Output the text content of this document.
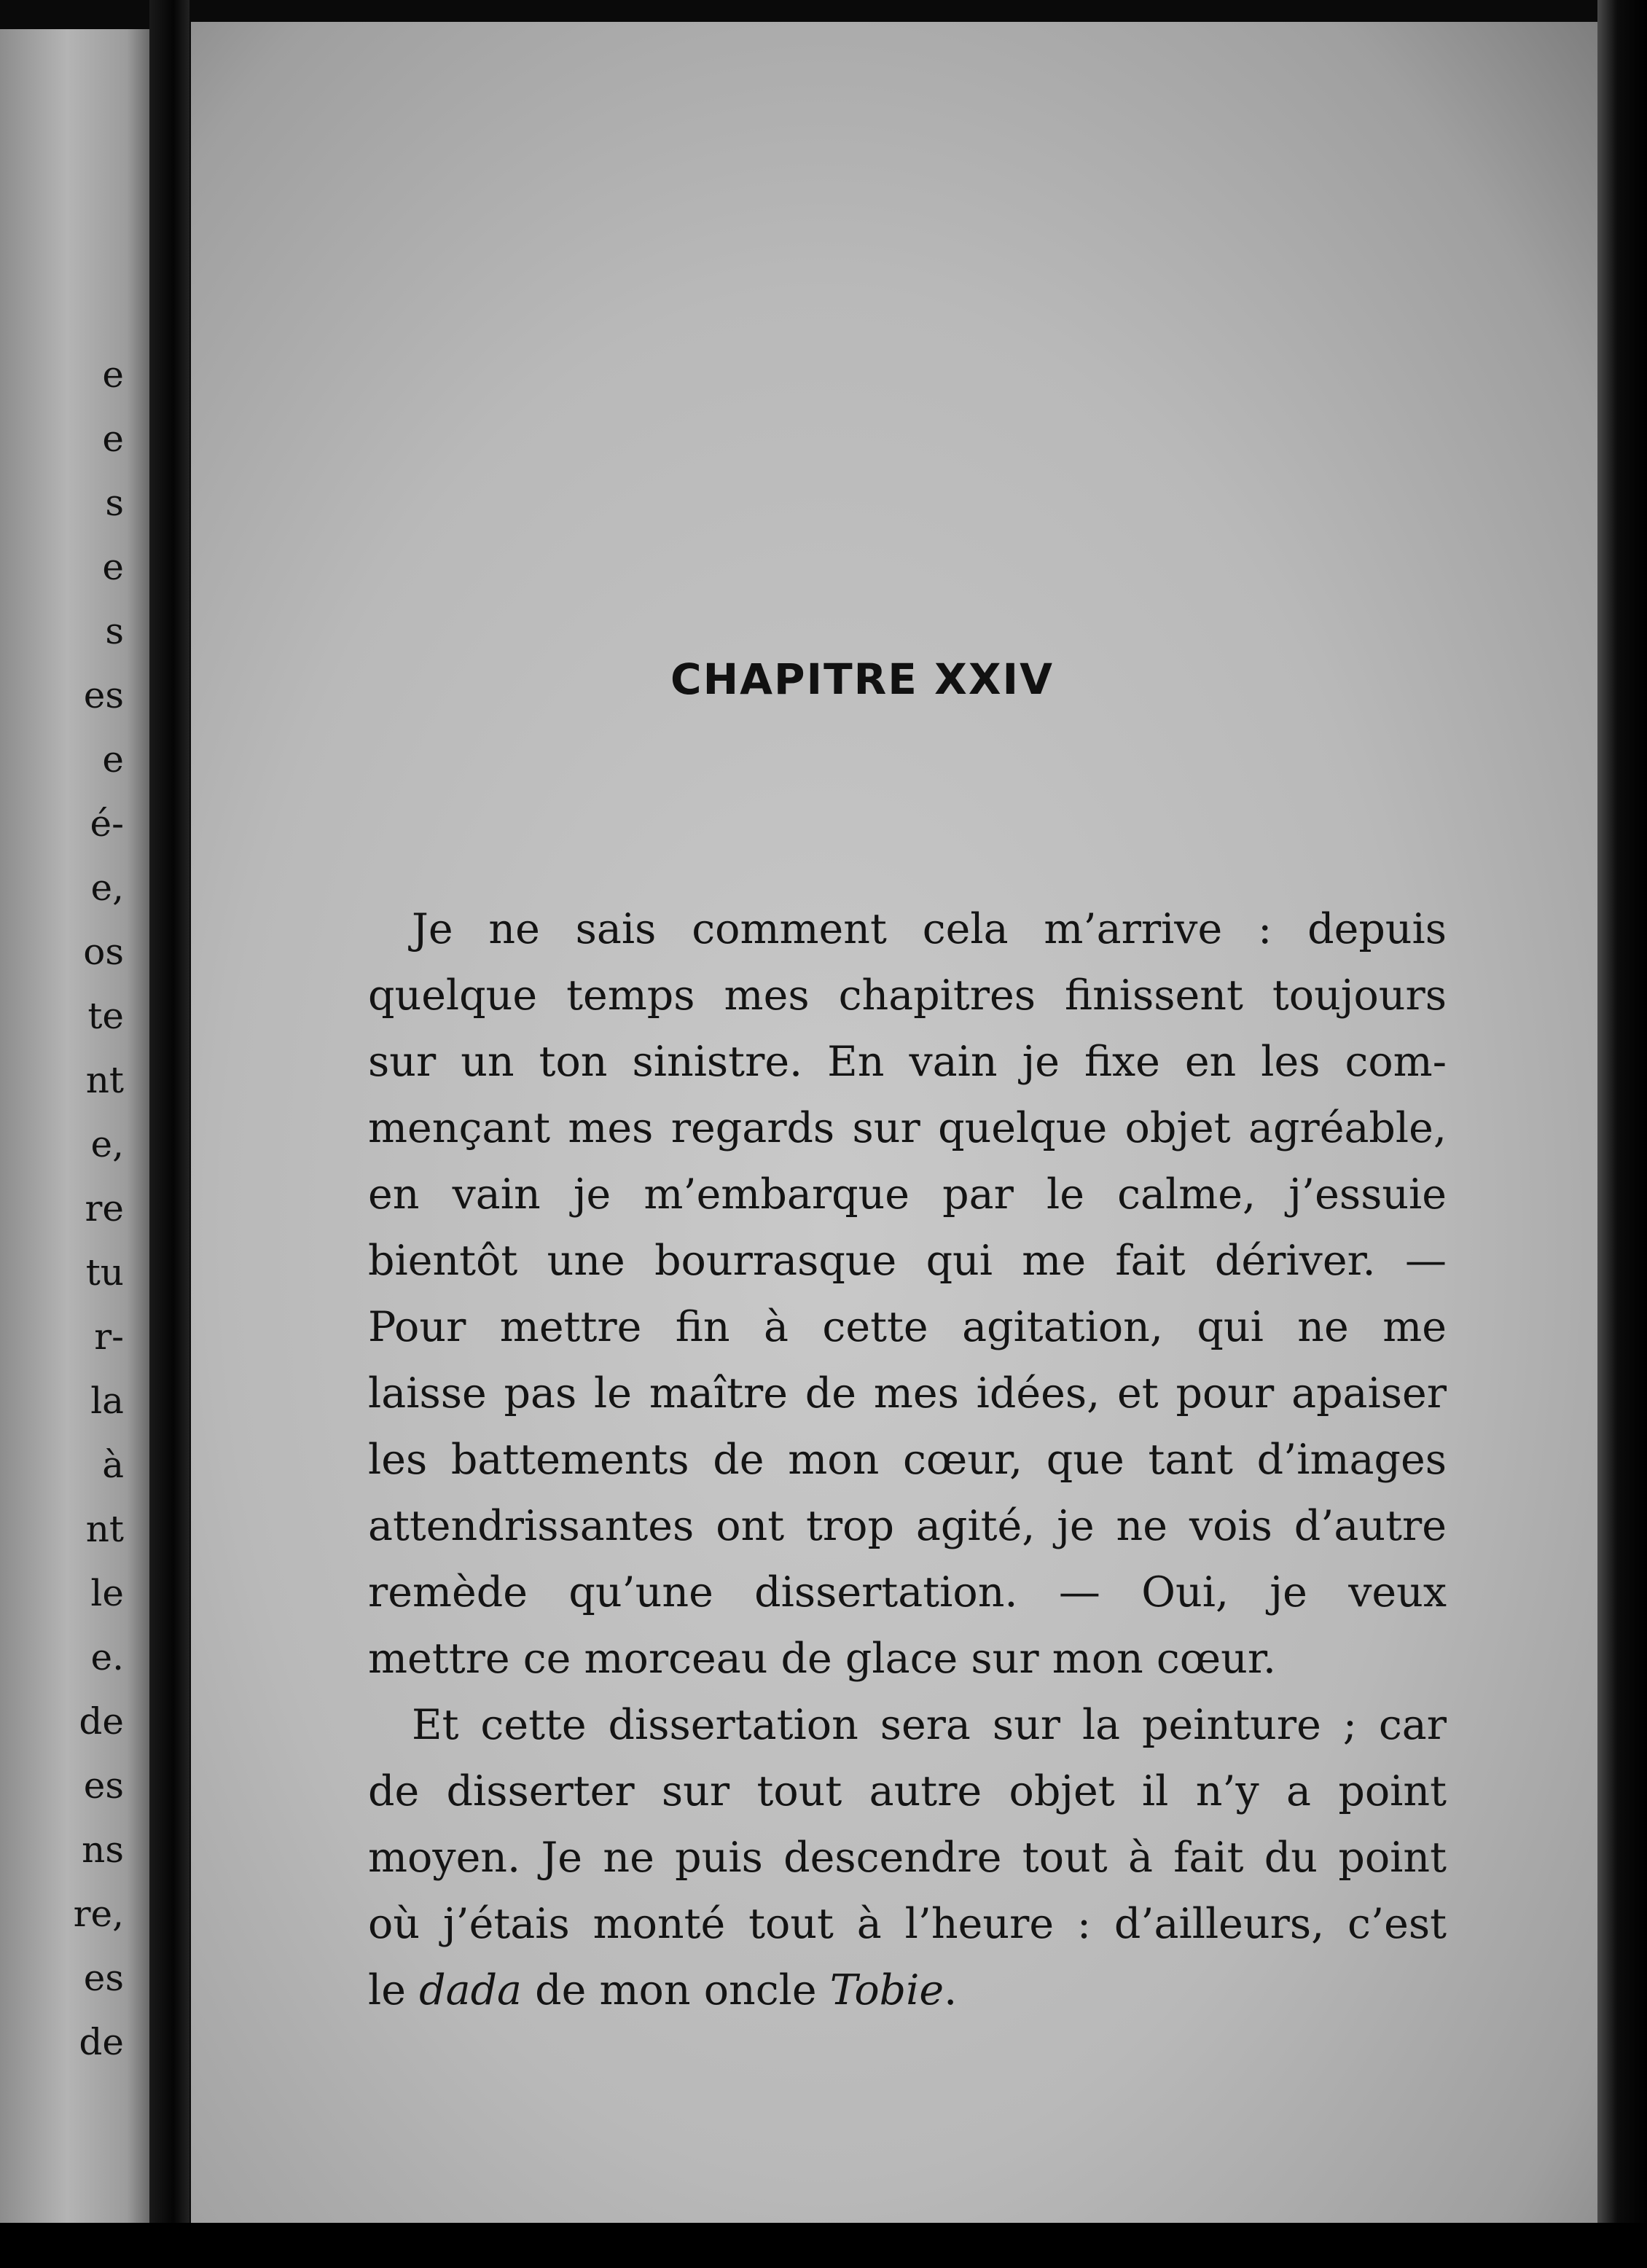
e
e
s
e
s
es
e
é-
e,
os
te
nt
e,
re
tu
r-
la
à
nt
le
e.
de
es
ns
re,
es
de
CHAPITRE XXIV

Je ne sais comment cela m’arrive : depuis
quelque temps mes chapitres finissent toujours
sur un ton sinistre. En vain je fixe en les com-
mençant mes regards sur quelque objet agréable,
en vain je m’embarque par le calme, j’essuie
bientôt une bourrasque qui me fait dériver. —
Pour mettre fin à cette agitation, qui ne me
laisse pas le maître de mes idées, et pour apaiser
les battements de mon cœur, que tant d’images
attendrissantes ont trop agité, je ne vois d’autre
remède qu’une dissertation. — Oui, je veux
mettre ce morceau de glace sur mon cœur.

Et cette dissertation sera sur la peinture ; car
de disserter sur tout autre objet il n’y a point
moyen. Je ne puis descendre tout à fait du point
où j’étais monté tout à l’heure : d’ailleurs, c’est
le dada de mon oncle Tobie.
